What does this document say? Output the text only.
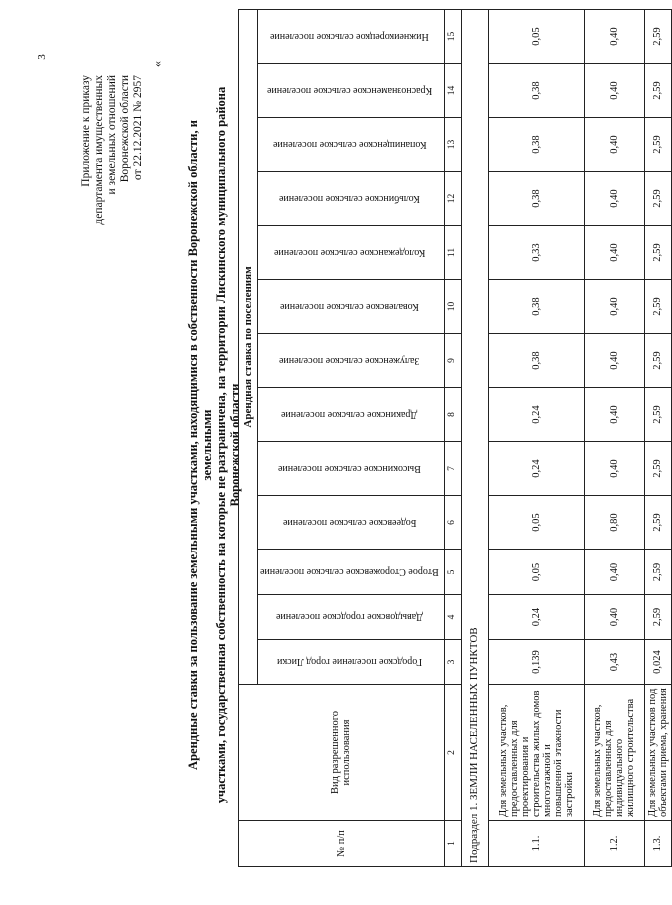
3
Приложение к приказу департамента имущественных и земельных отношений Воронежской области от 22.12.2021 № 2957
«
Арендные ставки за пользование земельными участками, находящимися в собственности Воронежской области, и земельными участками, государственная собственность на которые не разграничена, на территории Лискинского муниципального района Воронежской области
№ п/п	Вид разрешенного использования	Арендная ставка по поселениям												
		Городское поселение город Лиски	Давыдовское городское поселение	Второе Сторожевское сельское поселение	Бодеевское сельское поселение	Высокинское сельское поселение	Дракинское сельское поселение	Залуженское сельское поселение	Ковалевское сельское поселение	Колодежанское сельское поселение	Кольбинское сельское поселение	Копанищенское сельское поселение	Краснознаменское сельское поселение	Нижнеикорецкое сельское поселение
1	2	3	4	5	6	7	8	9	10	11	12	13	14	15
Подраздел 1. ЗЕМЛИ НАСЕЛЕННЫХ ПУНКТОВ														
1.1.	Для земельных участков, предоставленных для проектирования и строительства жилых домов многоэтажной и повышенной этажности застройки	0,139	0,24	0,05	0,05	0,24	0,24	0,38	0,38	0,33	0,38	0,38	0,38	0,05
1.2.	Для земельных участков, предоставленных для индивидуального жилищного строительства	0,43	0,40	0,40	0,80	0,40	0,40	0,40	0,40	0,40	0,40	0,40	0,40	0,40
1.3.	Для земельных участков под объектами приема, хранения	0,024	2,59	2,59	2,59	2,59	2,59	2,59	2,59	2,59	2,59	2,59	2,59	2,59
